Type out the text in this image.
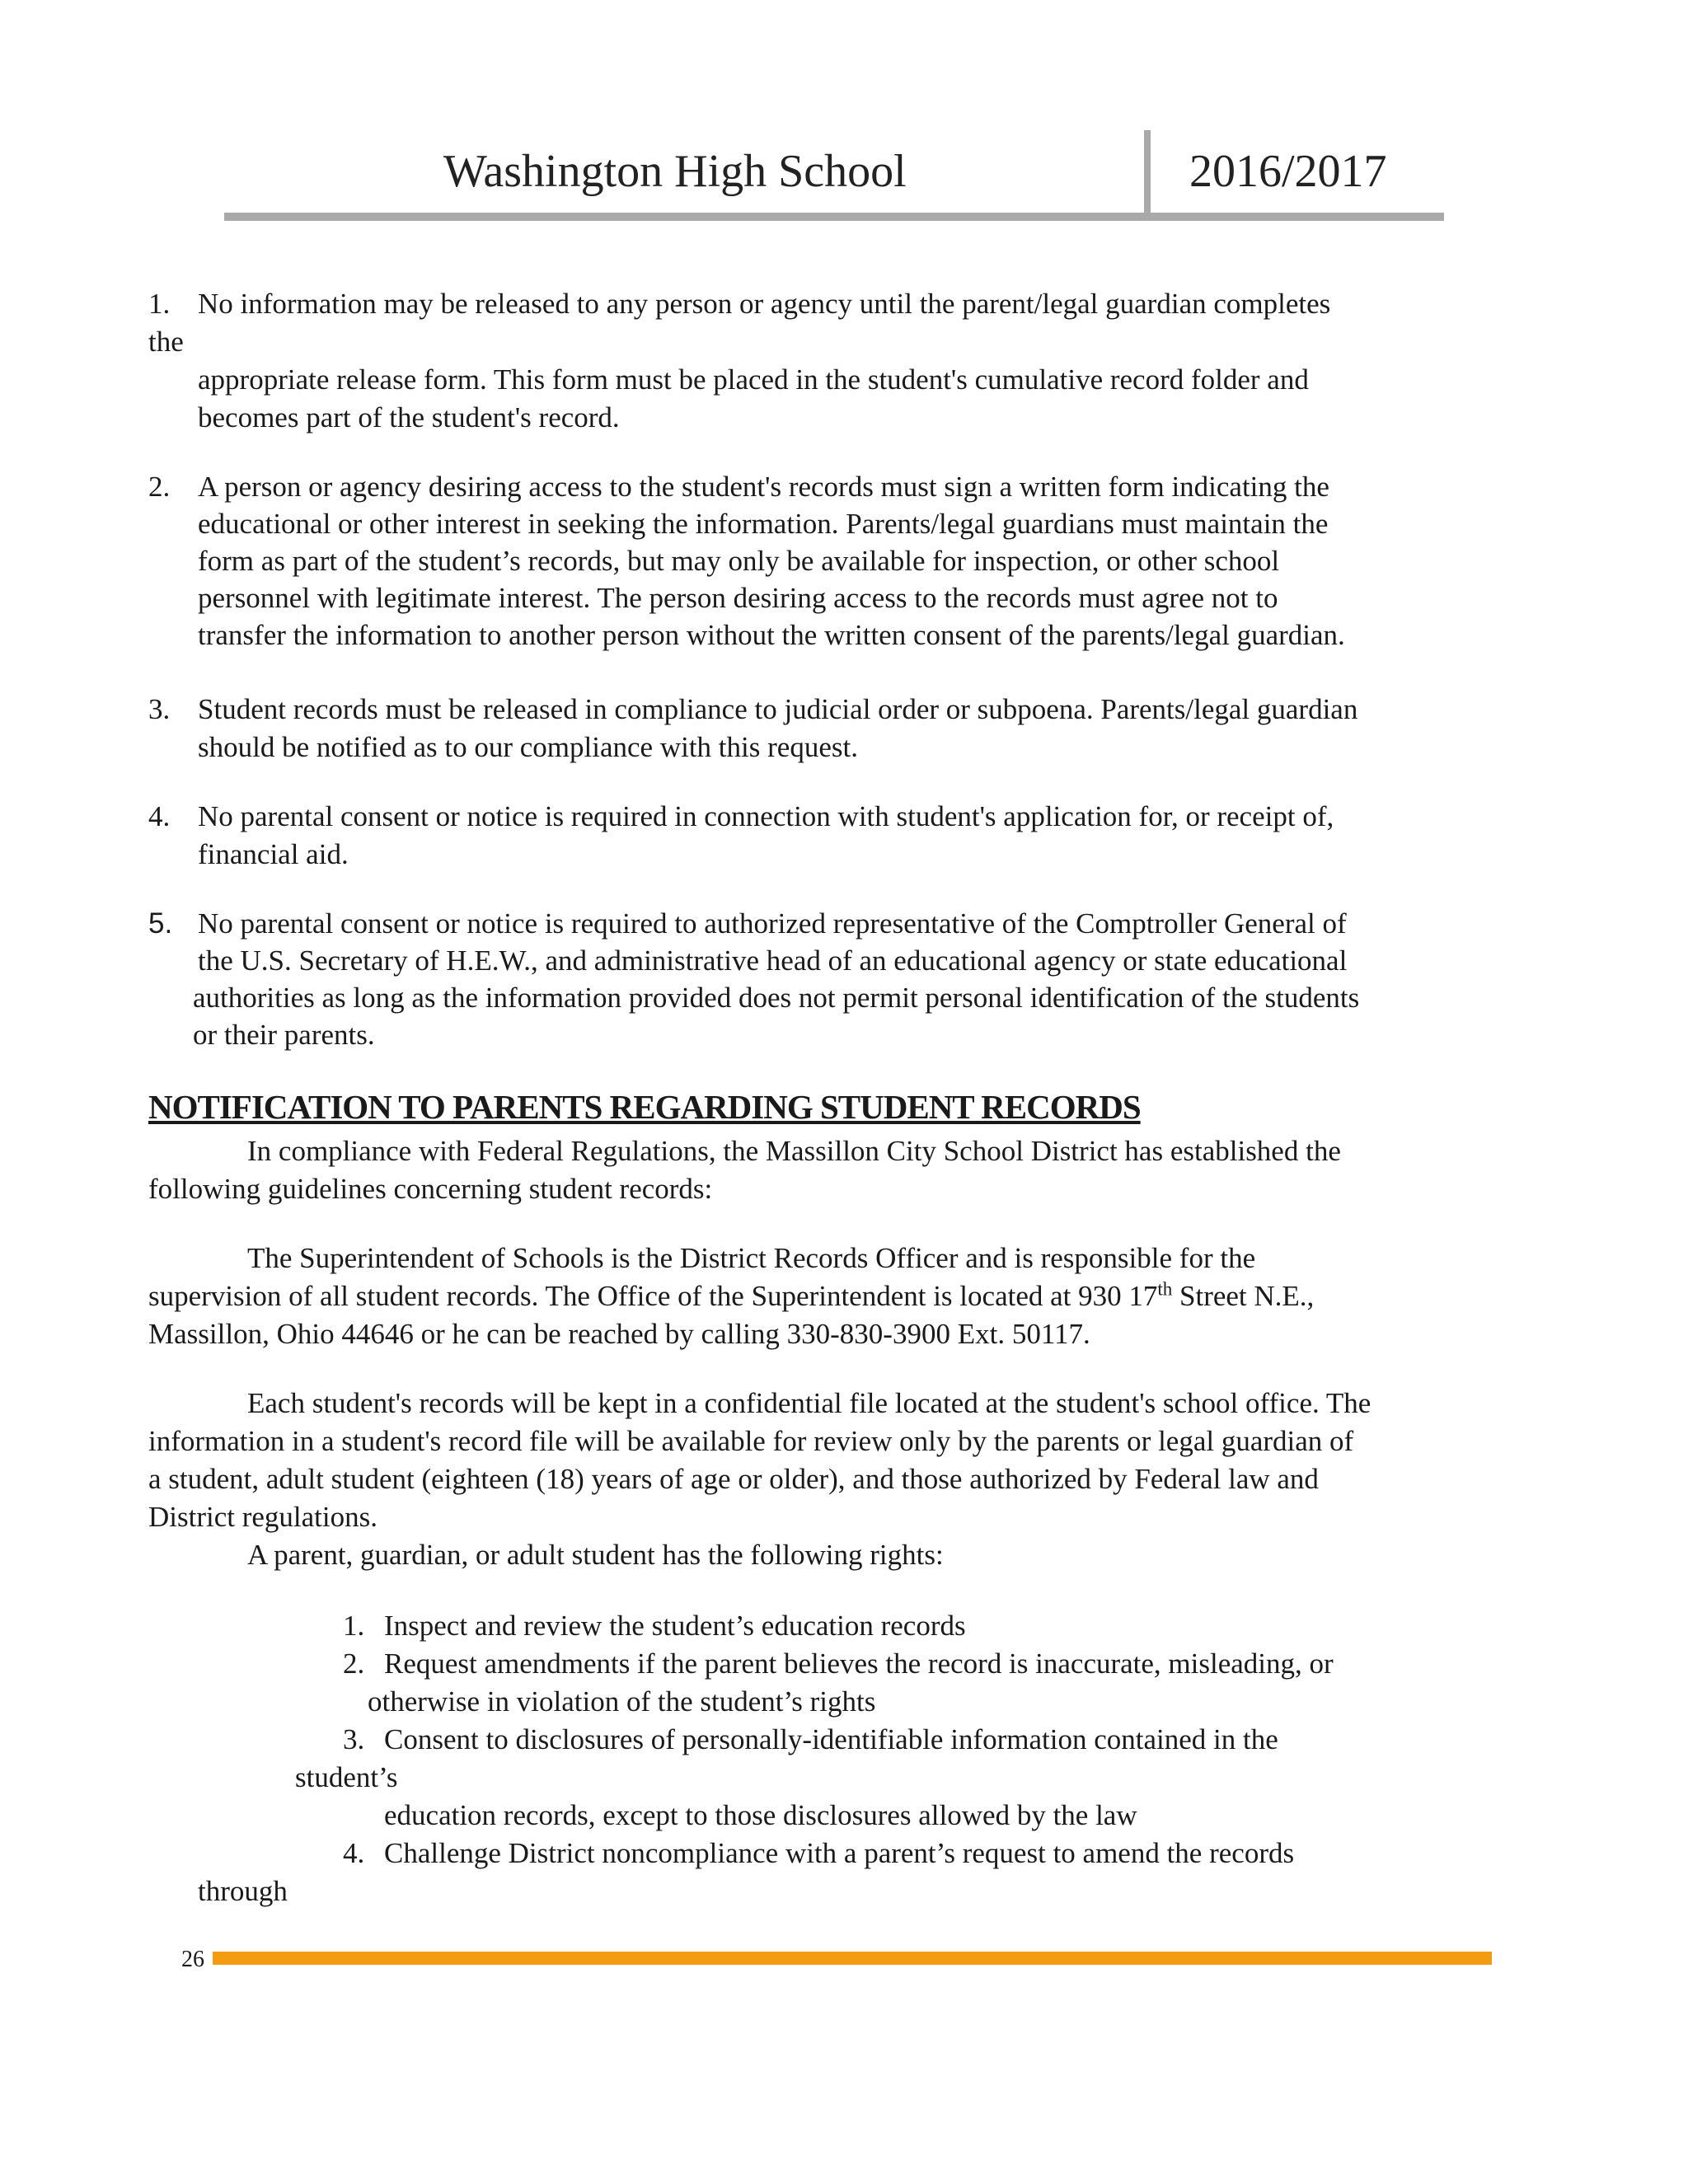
Washington High School	2016/2017
1. No information may be released to any person or agency until the parent/legal guardian completes
the
appropriate release form. This form must be placed in the student's cumulative record folder and
becomes part of the student's record.
2. A person or agency desiring access to the student's records must sign a written form indicating the
educational or other interest in seeking the information. Parents/legal guardians must maintain the
form as part of the student’s records, but may only be available for inspection, or other school
personnel with legitimate interest. The person desiring access to the records must agree not to
transfer the information to another person without the written consent of the parents/legal guardian.
3. Student records must be released in compliance to judicial order or subpoena. Parents/legal guardian
should be notified as to our compliance with this request.
4. No parental consent or notice is required in connection with student's application for, or receipt of,
financial aid.
5. No parental consent or notice is required to authorized representative of the Comptroller General of
the U.S. Secretary of H.E.W., and administrative head of an educational agency or state educational
authorities as long as the information provided does not permit personal identification of the students
or their parents.
NOTIFICATION TO PARENTS REGARDING STUDENT RECORDS
In compliance with Federal Regulations, the Massillon City School District has established the
following guidelines concerning student records:
The Superintendent of Schools is the District Records Officer and is responsible for the
supervision of all student records. The Office of the Superintendent is located at 930 17th Street N.E.,
Massillon, Ohio 44646 or he can be reached by calling 330-830-3900 Ext. 50117.
Each student's records will be kept in a confidential file located at the student's school office. The
information in a student's record file will be available for review only by the parents or legal guardian of
a student, adult student (eighteen (18) years of age or older), and those authorized by Federal law and
District regulations.
A parent, guardian, or adult student has the following rights:
1. Inspect and review the student’s education records
2. Request amendments if the parent believes the record is inaccurate, misleading, or
otherwise in violation of the student’s rights
3. Consent to disclosures of personally-identifiable information contained in the
student’s
education records, except to those disclosures allowed by the law
4. Challenge District noncompliance with a parent’s request to amend the records
through
26
